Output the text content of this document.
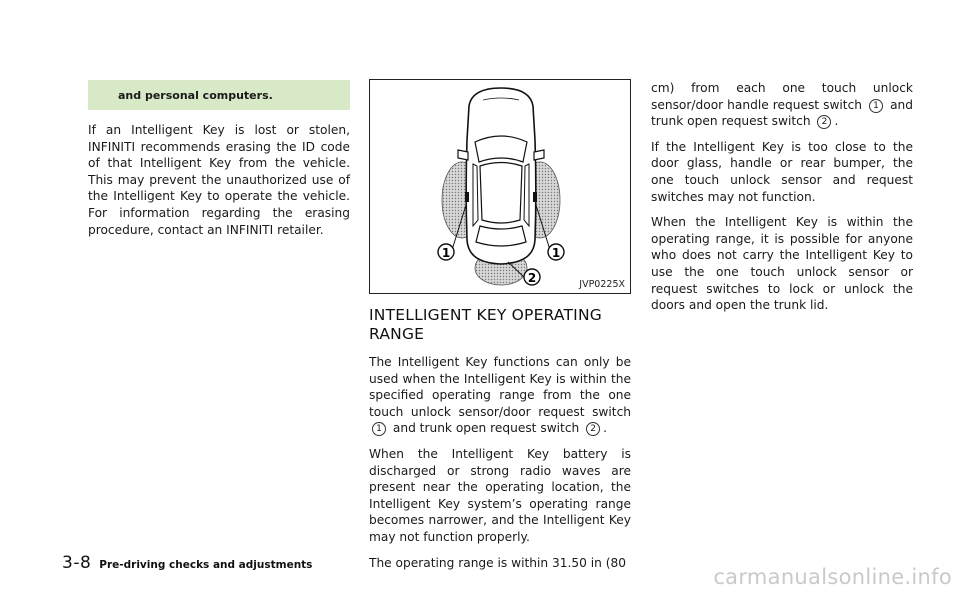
and personal computers.

If an Intelligent Key is lost or stolen, INFINITI recommends erasing the ID code of that Intelligent Key from the vehicle. This may prevent the unauthorized use of the Intelligent Key to operate the vehicle. For information regarding the erasing procedure, contact an INFINITI retailer.

1	1
2	JVP0225X
INTELLIGENT KEY OPERATING
RANGE

The Intelligent Key functions can only be used when the Intelligent Key is within the specified operating range from the one touch unlock sensor/door request switch 1 and trunk open request switch 2 .

When the Intelligent Key battery is discharged or strong radio waves are present near the operating location, the Intelligent Key system’s operating range becomes narrower, and the Intelligent Key may not function properly.

The operating range is within 31.50 in (80

cm) from each one touch unlock sensor/door handle request switch 1 and trunk open request switch 2 .

If the Intelligent Key is too close to the door glass, handle or rear bumper, the one touch unlock sensor and request switches may not function.

When the Intelligent Key is within the operating range, it is possible for anyone who does not carry the Intelligent Key to use the one touch unlock sensor or request switches to lock or unlock the doors and open the trunk lid.

3-8 Pre-driving checks and adjustments	carmanualsonline.info
